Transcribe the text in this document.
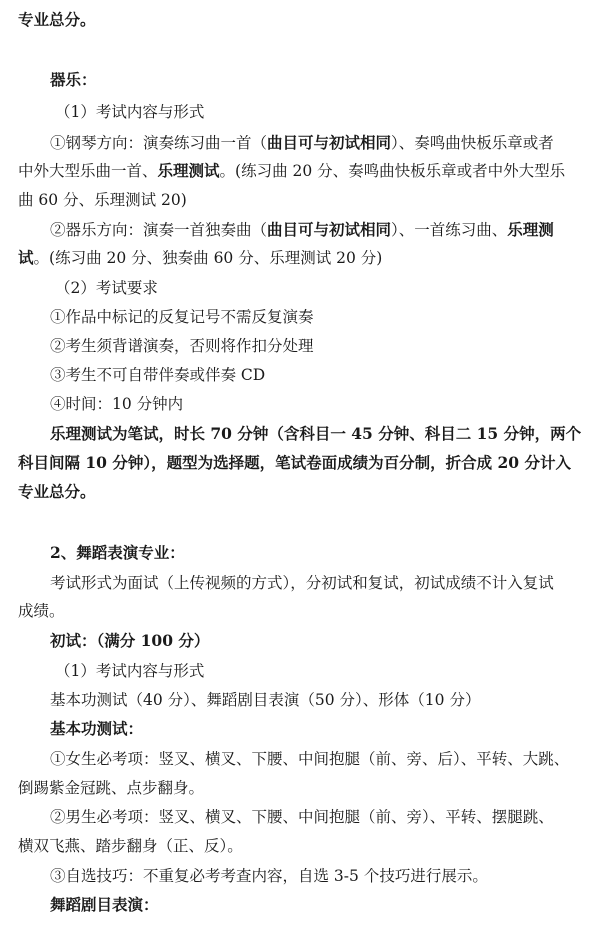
专业总分。
器乐：
（1）考试内容与形式
①钢琴方向：演奏练习曲一首（曲目可与初试相同）、奏鸣曲快板乐章或者
中外大型乐曲一首、乐理测试。(练习曲 20 分、奏鸣曲快板乐章或者中外大型乐
曲 60 分、乐理测试 20)
②器乐方向：演奏一首独奏曲（曲目可与初试相同）、一首练习曲、乐理测
试。(练习曲 20 分、独奏曲 60 分、乐理测试 20 分)
（2）考试要求
①作品中标记的反复记号不需反复演奏
②考生须背谱演奏，否则将作扣分处理
③考生不可自带伴奏或伴奏 CD
④时间：10 分钟内
乐理测试为笔试，时长 70 分钟（含科目一 45 分钟、科目二 15 分钟，两个
科目间隔 10 分钟），题型为选择题，笔试卷面成绩为百分制，折合成 20 分计入
专业总分。
2、舞蹈表演专业：
考试形式为面试（上传视频的方式），分初试和复试，初试成绩不计入复试
成绩。
初试：（满分 100 分）
（1）考试内容与形式
基本功测试（40 分）、舞蹈剧目表演（50 分）、形体（10 分）
基本功测试：
①女生必考项：竖叉、横叉、下腰、中间抱腿（前、旁、后）、平转、大跳、
倒踢紫金冠跳、点步翻身。
②男生必考项：竖叉、横叉、下腰、中间抱腿（前、旁）、平转、摆腿跳、
横双飞燕、踏步翻身（正、反）。
③自选技巧：不重复必考考查内容，自选 3-5 个技巧进行展示。
舞蹈剧目表演：
